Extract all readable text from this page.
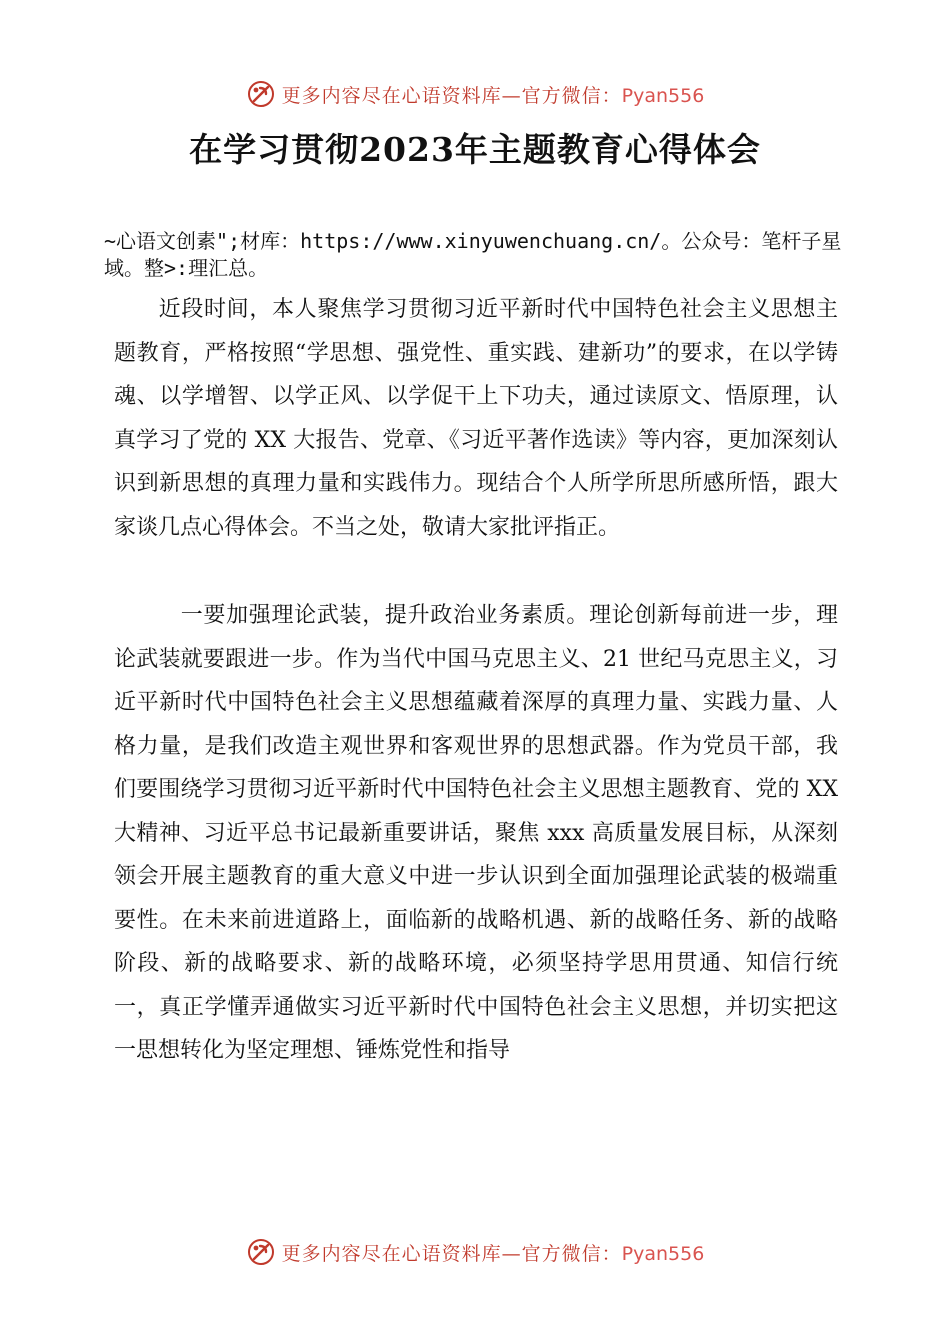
更多内容尽在心语资料库—官方微信：Pyan556
在学习贯彻2023年主题教育心得体会
~心语文创素";材库：https://www.xinyuwenchuang.cn/。公众号：笔杆子星域。整>:理汇总。
近段时间，本人聚焦学习贯彻习近平新时代中国特色社会主义思想主题教育，严格按照“学思想、强党性、重实践、建新功”的要求，在以学铸魂、以学增智、以学正风、以学促干上下功夫，通过读原文、悟原理，认真学习了党的 XX 大报告、党章、《习近平著作选读》等内容，更加深刻认识到新思想的真理力量和实践伟力。现结合个人所学所思所感所悟，跟大家谈几点心得体会。不当之处，敬请大家批评指正。
一要加强理论武装，提升政治业务素质。理论创新每前进一步，理论武装就要跟进一步。作为当代中国马克思主义、21 世纪马克思主义，习近平新时代中国特色社会主义思想蕴藏着深厚的真理力量、实践力量、人格力量，是我们改造主观世界和客观世界的思想武器。作为党员干部，我们要围绕学习贯彻习近平新时代中国特色社会主义思想主题教育、党的 XX 大精神、习近平总书记最新重要讲话，聚焦 xxx 高质量发展目标，从深刻领会开展主题教育的重大意义中进一步认识到全面加强理论武装的极端重要性。在未来前进道路上，面临新的战略机遇、新的战略任务、新的战略阶段、新的战略要求、新的战略环境，必须坚持学思用贯通、知信行统一，真正学懂弄通做实习近平新时代中国特色社会主义思想，并切实把这一思想转化为坚定理想、锤炼党性和指导
更多内容尽在心语资料库—官方微信：Pyan556
